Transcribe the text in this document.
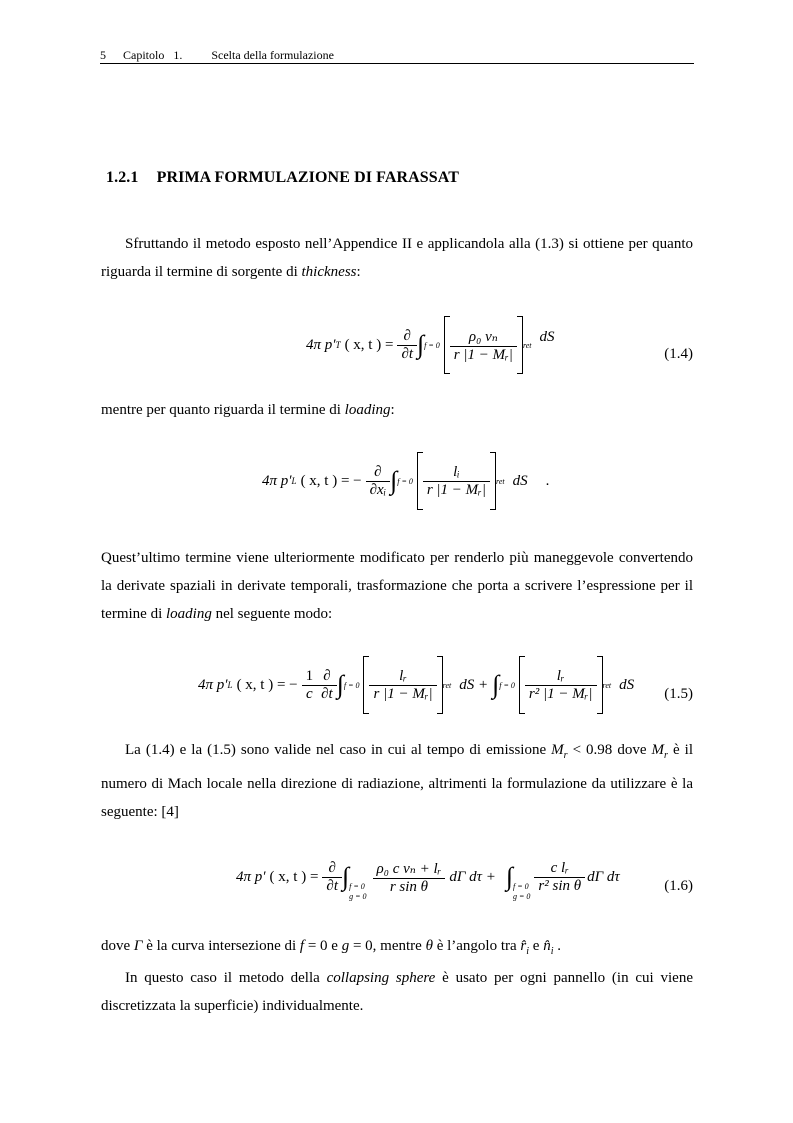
5 Capitolo 1. Scelta della formulazione
1.2.1 PRIMA FORMULAZIONE DI FARASSAT
Sfruttando il metodo esposto nell’Appendice II e applicandola alla (1.3) si ottiene per quanto riguarda il termine di sorgente di thickness:
4π p′ T ( x, t ) = $\frac{\partial}{\partial t}$ ∫ $f = 0 \frac{\text{ρ₀ vₙ}}{\text{r |1 − Mᵣ|}}$ ret
dS
(1.4)
mentre per quanto riguarda il termine di loading:
4π p′ L ( x, t ) = − $\frac{\partial}{\text{∂xᵢ}}$ ∫ $f = 0 \frac{\text{lᵢ}}{\text{r |1 − Mᵣ|}}$ ret dS .
Quest’ultimo termine viene ulteriormente modificato per renderlo più maneggevole convertendo la derivate spaziali in derivate temporali, trasformazione che porta a scrivere l’espressione per il termine di loading nel seguente modo:
4π p′ L ( x, t ) = − $\frac{1}{c} \frac{\partial}{\partial t}$ ∫ $f = 0 \frac{\text{lᵣ}}{\text{r |1 − Mᵣ|}}$ ret dS + ∫ $f = 0 \frac{\text{lᵣ}}{\text{r² |1 − Mᵣ|}}$ ret dS
(1.5)
La (1.4) e la (1.5) sono valide nel caso in cui al tempo di emissione $M_r < 0.98$ dove $M_r$ è il numero di Mach locale nella direzione di radiazione, altrimenti la formulazione da utilizzare è la seguente: [4]
4π p′ ( x, t ) = $\frac{\partial}{\partial t}$ ∫ f = 0
g = 0
$\frac{\text{ρ₀ c vₙ + lᵣ}}{\text{r sin θ}}$ dΓ dτ + ∫ f = 0
g = 0
$\frac{\text{c lᵣ}}{\text{r² sin θ}}$ dΓ dτ
(1.6)
dove Γ è la curva intersezione di f = 0 e g = 0, mentre θ è l’angolo tra $r̂_i$ e $n̂_i$ .
In questo caso il metodo della collapsing sphere è usato per ogni pannello (in cui viene discretizzata la superficie) individualmente.
